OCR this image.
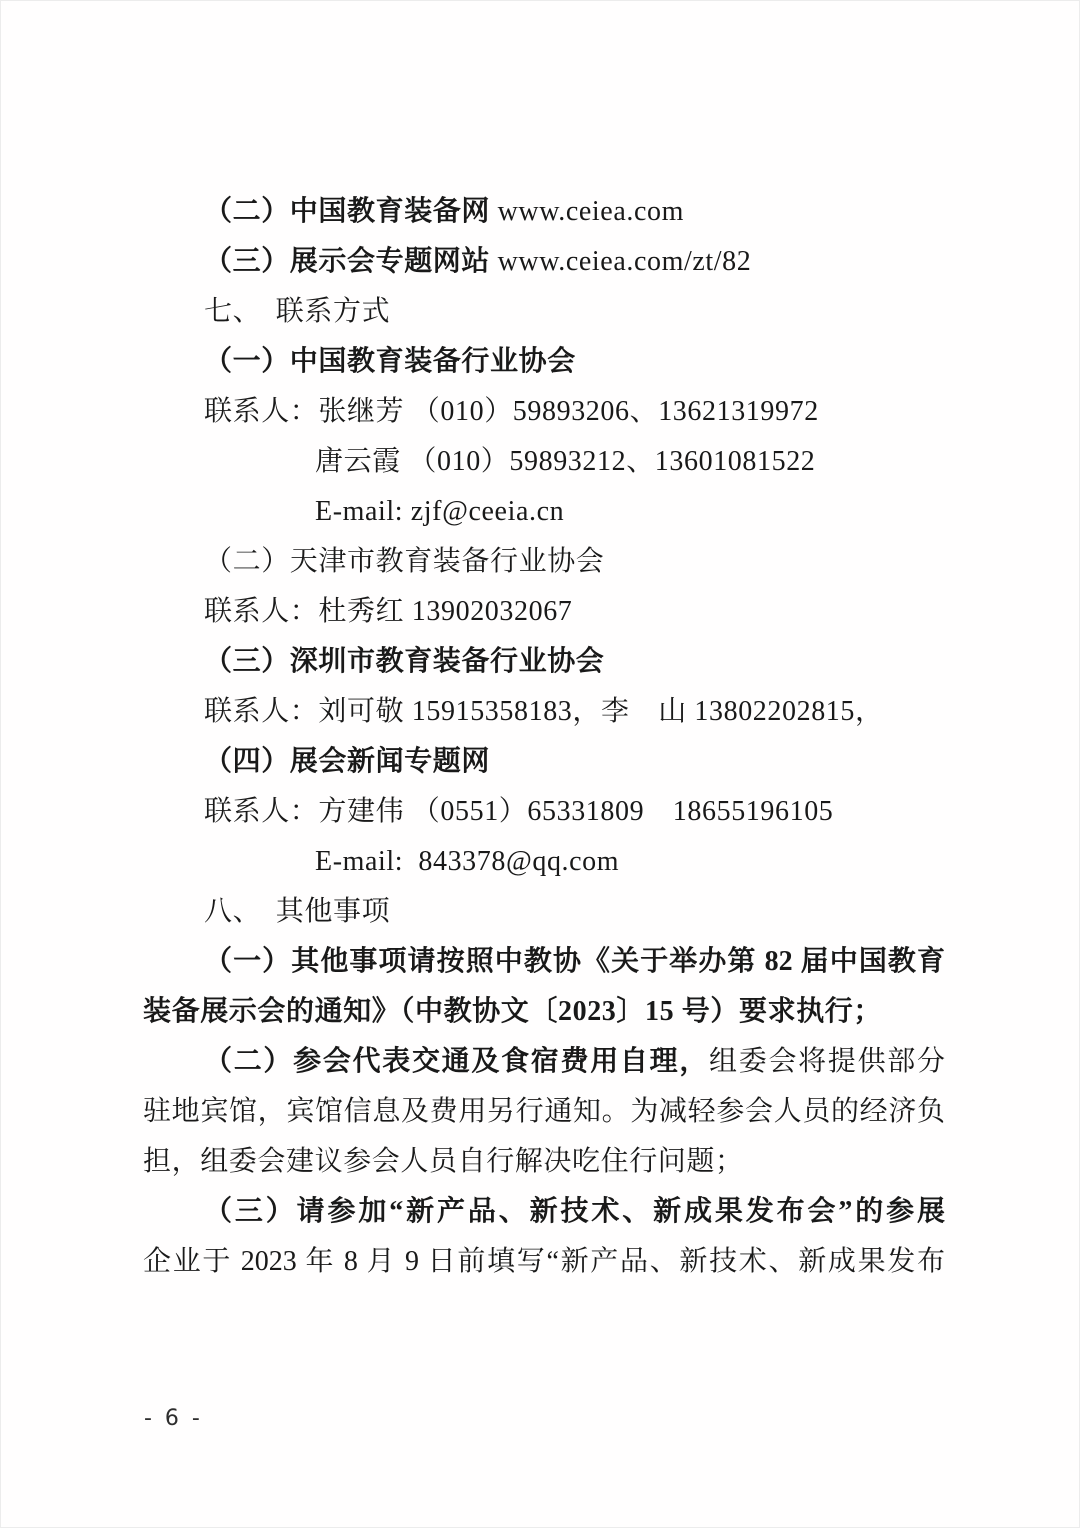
（二）中国教育装备网 www.ceiea.com
（三）展示会专题网站 www.ceiea.com/zt/82
七、　联系方式
（一）中国教育装备行业协会
联系人：张继芳 （010）59893206、13621319972
唐云霞 （010）59893212、13601081522
E-mail: zjf@ceeia.cn
（二）天津市教育装备行业协会
联系人：杜秀红 13902032067
（三）深圳市教育装备行业协会
联系人：刘可敬 15915358183，李　山 13802202815，
（四）展会新闻专题网
联系人：方建伟 （0551）65331809　18655196105
E-mail:  843378@qq.com
八、　其他事项
（一）其他事项请按照中教协《关于举办第 82 届中国教育
装备展示会的通知》（中教协文〔2023〕15 号）要求执行；
（二）参会代表交通及食宿费用自理，组委会将提供部分
驻地宾馆，宾馆信息及费用另行通知。为减轻参会人员的经济负
担，组委会建议参会人员自行解决吃住行问题；
（三）请参加“新产品、新技术、新成果发布会”的参展
企业于 2023 年 8 月 9 日前填写“新产品、新技术、新成果发布
- 6 -
